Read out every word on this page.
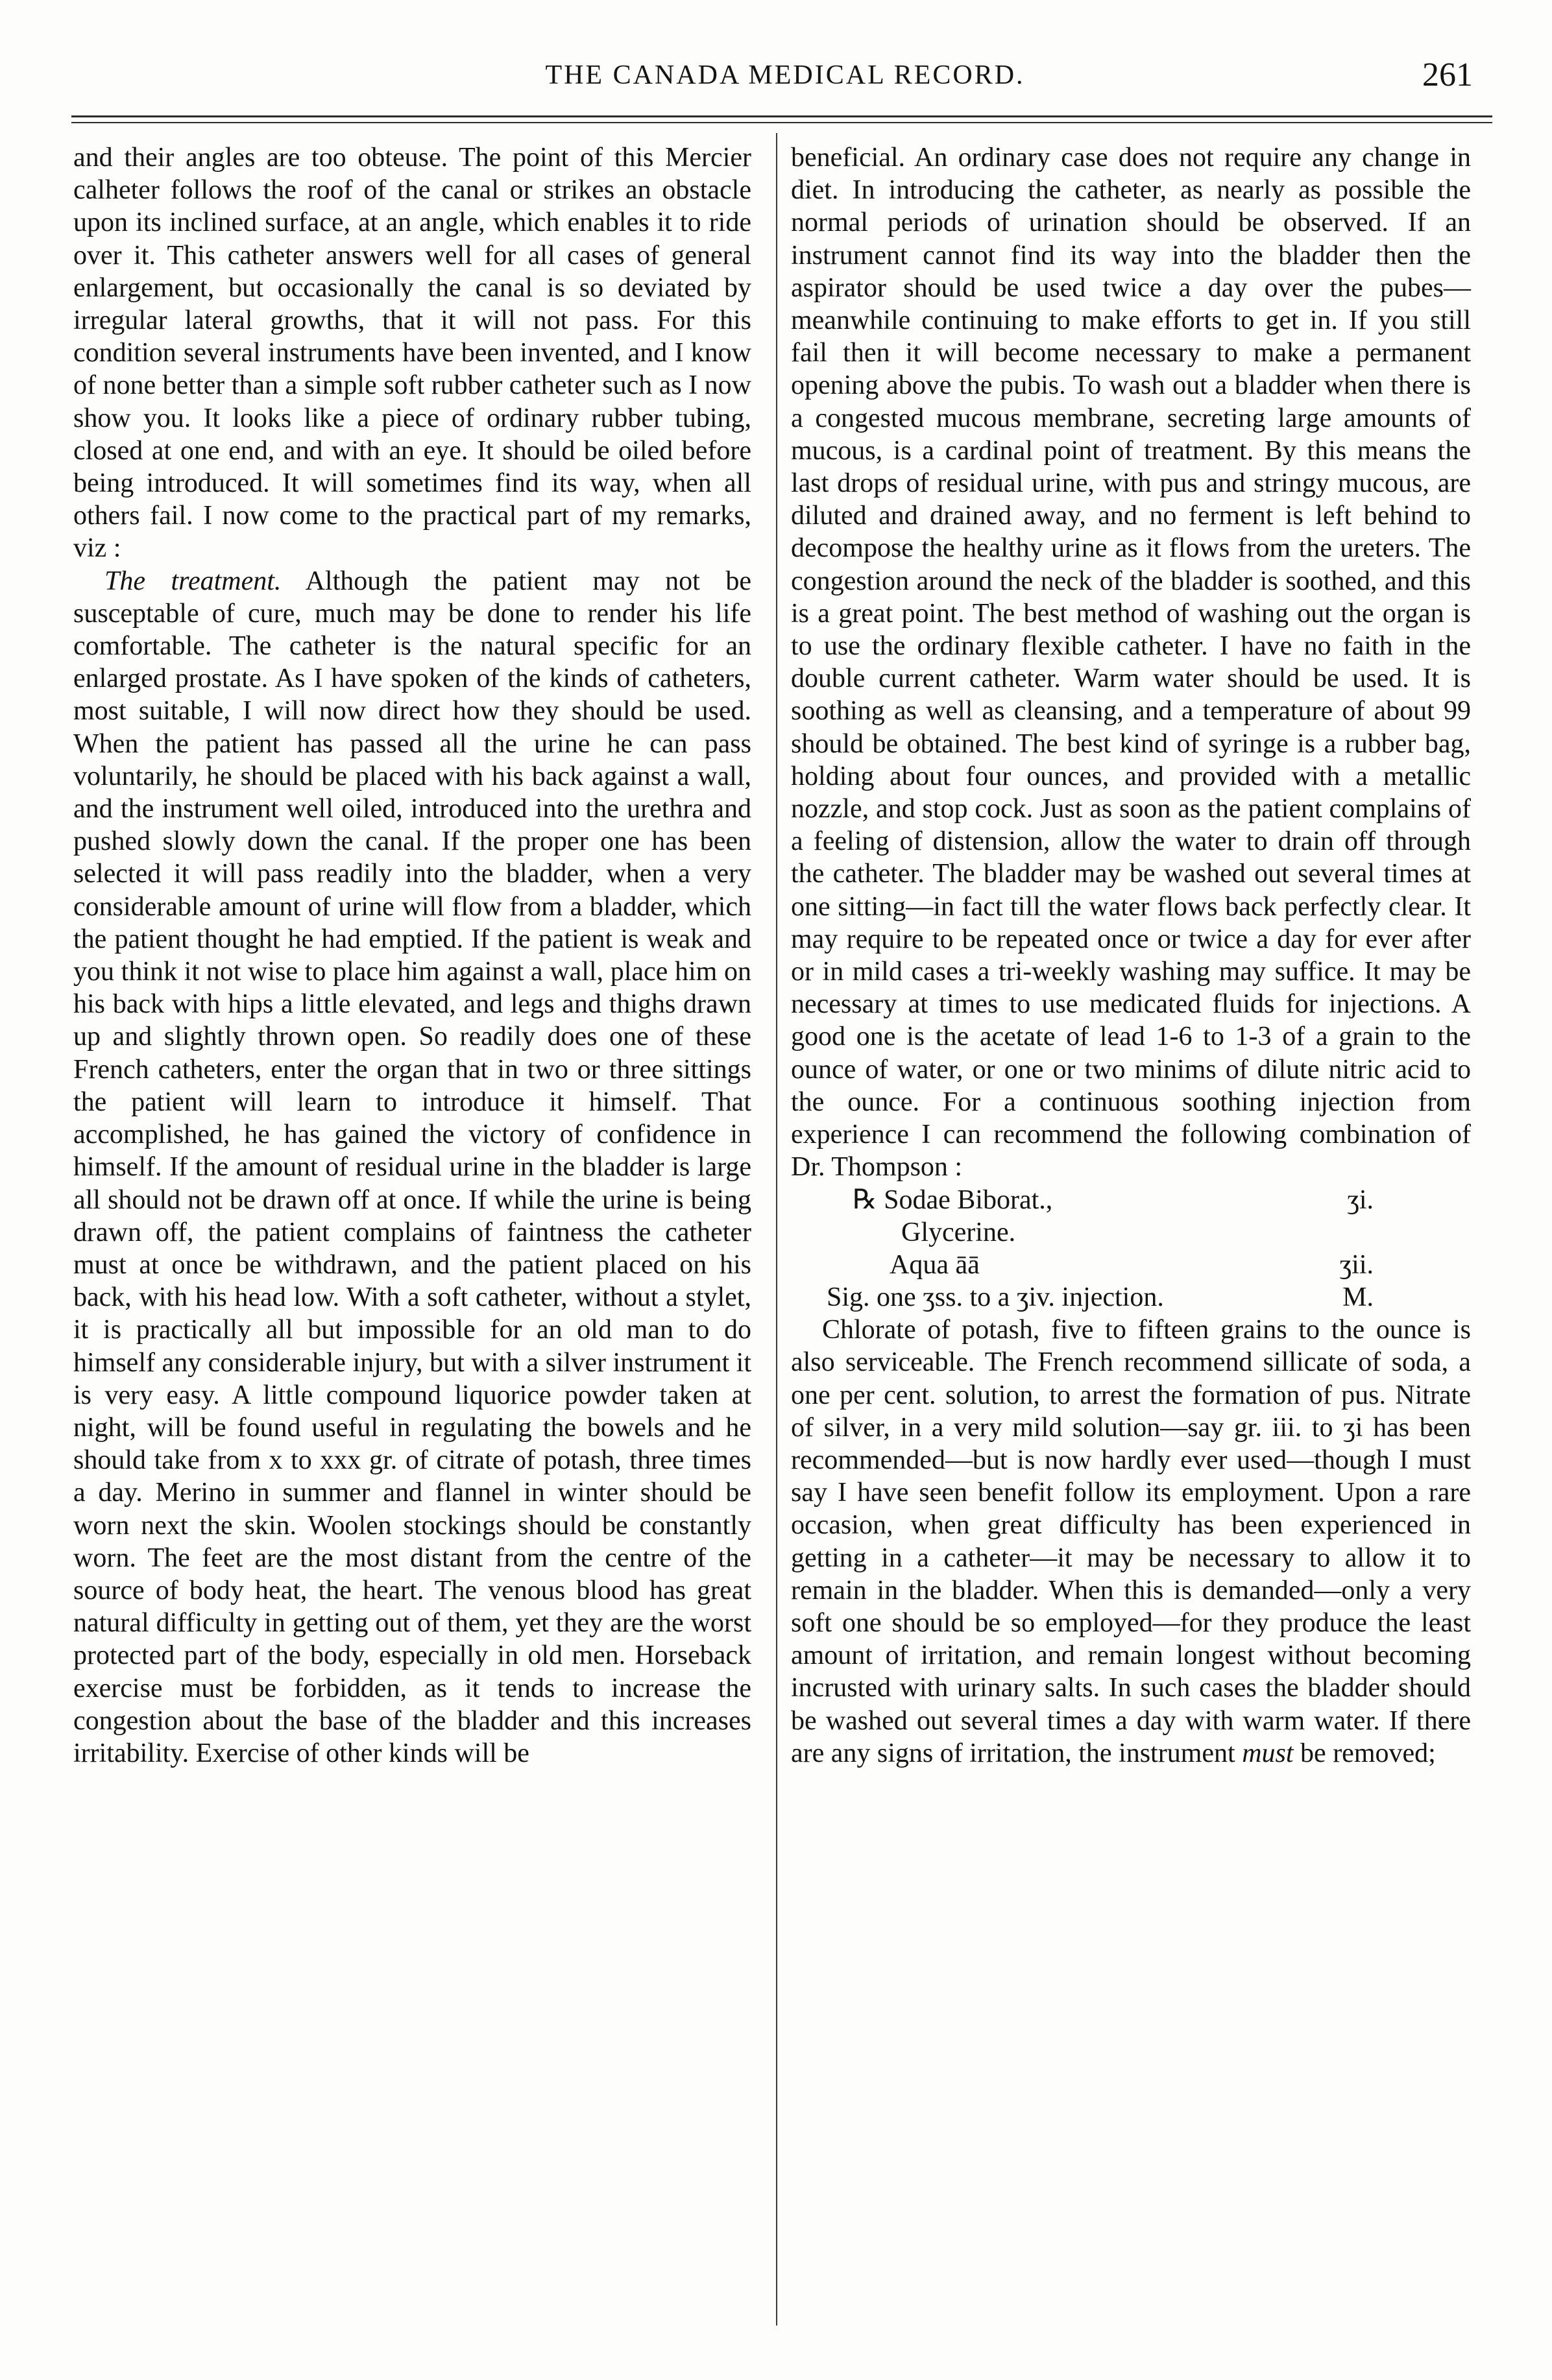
THE CANADA MEDICAL RECORD.	261

and their angles are too obteuse. The point of this Mercier calheter follows the roof of the canal or strikes an obstacle upon its inclined surface, at an angle, which enables it to ride over it. This catheter answers well for all cases of general enlargement, but occasionally the canal is so deviated by irregular lateral growths, that it will not pass. For this condition several instruments have been invented, and I know of none better than a simple soft rubber catheter such as I now show you. It looks like a piece of ordinary rubber tubing, closed at one end, and with an eye. It should be oiled before being introduced. It will sometimes find its way, when all others fail. I now come to the practical part of my remarks, viz :

The treatment. Although the patient may not be susceptable of cure, much may be done to render his life comfortable. The catheter is the natural specific for an enlarged prostate. As I have spoken of the kinds of catheters, most suitable, I will now direct how they should be used. When the patient has passed all the urine he can pass voluntarily, he should be placed with his back against a wall, and the instrument well oiled, introduced into the urethra and pushed slowly down the canal. If the proper one has been selected it will pass readily into the bladder, when a very considerable amount of urine will flow from a bladder, which the patient thought he had emptied. If the patient is weak and you think it not wise to place him against a wall, place him on his back with hips a little elevated, and legs and thighs drawn up and slightly thrown open. So readily does one of these French catheters, enter the organ that in two or three sittings the patient will learn to introduce it himself. That accomplished, he has gained the victory of confidence in himself. If the amount of residual urine in the bladder is large all should not be drawn off at once. If while the urine is being drawn off, the patient complains of faintness the catheter must at once be withdrawn, and the patient placed on his back, with his head low. With a soft catheter, without a stylet, it is practically all but impossible for an old man to do himself any considerable injury, but with a silver instrument it is very easy. A little compound liquorice powder taken at night, will be found useful in regulating the bowels and he should take from x to xxx gr. of citrate of potash, three times a day. Merino in summer and flannel in winter should be worn next the skin. Woolen stockings should be constantly worn. The feet are the most distant from the centre of the source of body heat, the heart. The venous blood has great natural difficulty in getting out of them, yet they are the worst protected part of the body, especially in old men. Horseback exercise must be forbidden, as it tends to increase the congestion about the base of the bladder and this increases irritability. Exercise of other kinds will be

beneficial. An ordinary case does not require any change in diet. In introducing the catheter, as nearly as possible the normal periods of urination should be observed. If an instrument cannot find its way into the bladder then the aspirator should be used twice a day over the pubes—meanwhile continuing to make efforts to get in. If you still fail then it will become necessary to make a permanent opening above the pubis. To wash out a bladder when there is a congested mucous membrane, secreting large amounts of mucous, is a cardinal point of treatment. By this means the last drops of residual urine, with pus and stringy mucous, are diluted and drained away, and no ferment is left behind to decompose the healthy urine as it flows from the ureters. The congestion around the neck of the bladder is soothed, and this is a great point. The best method of washing out the organ is to use the ordinary flexible catheter. I have no faith in the double current catheter. Warm water should be used. It is soothing as well as cleansing, and a temperature of about 99 should be obtained. The best kind of syringe is a rubber bag, holding about four ounces, and provided with a metallic nozzle, and stop cock. Just as soon as the patient complains of a feeling of distension, allow the water to drain off through the catheter. The bladder may be washed out several times at one sitting—in fact till the water flows back perfectly clear. It may require to be repeated once or twice a day for ever after or in mild cases a tri-weekly washing may suffice. It may be necessary at times to use medicated fluids for injections. A good one is the acetate of lead 1-6 to 1-3 of a grain to the ounce of water, or one or two minims of dilute nitric acid to the ounce. For a continuous soothing injection from experience I can recommend the following combination of Dr. Thompson :

℞ Sodae Biborat.,	ʒi.
Glycerine.
Aqua āā	ʒii.
Sig. one ʒss. to a ʒiv. injection.	M.

Chlorate of potash, five to fifteen grains to the ounce is also serviceable. The French recommend sillicate of soda, a one per cent. solution, to arrest the formation of pus. Nitrate of silver, in a very mild solution—say gr. iii. to ʒi has been recommended—but is now hardly ever used—though I must say I have seen benefit follow its employment. Upon a rare occasion, when great difficulty has been experienced in getting in a catheter—it may be necessary to allow it to remain in the bladder. When this is demanded—only a very soft one should be so employed—for they produce the least amount of irritation, and remain longest without becoming incrusted with urinary salts. In such cases the bladder should be washed out several times a day with warm water. If there are any signs of irritation, the instrument must be removed;
